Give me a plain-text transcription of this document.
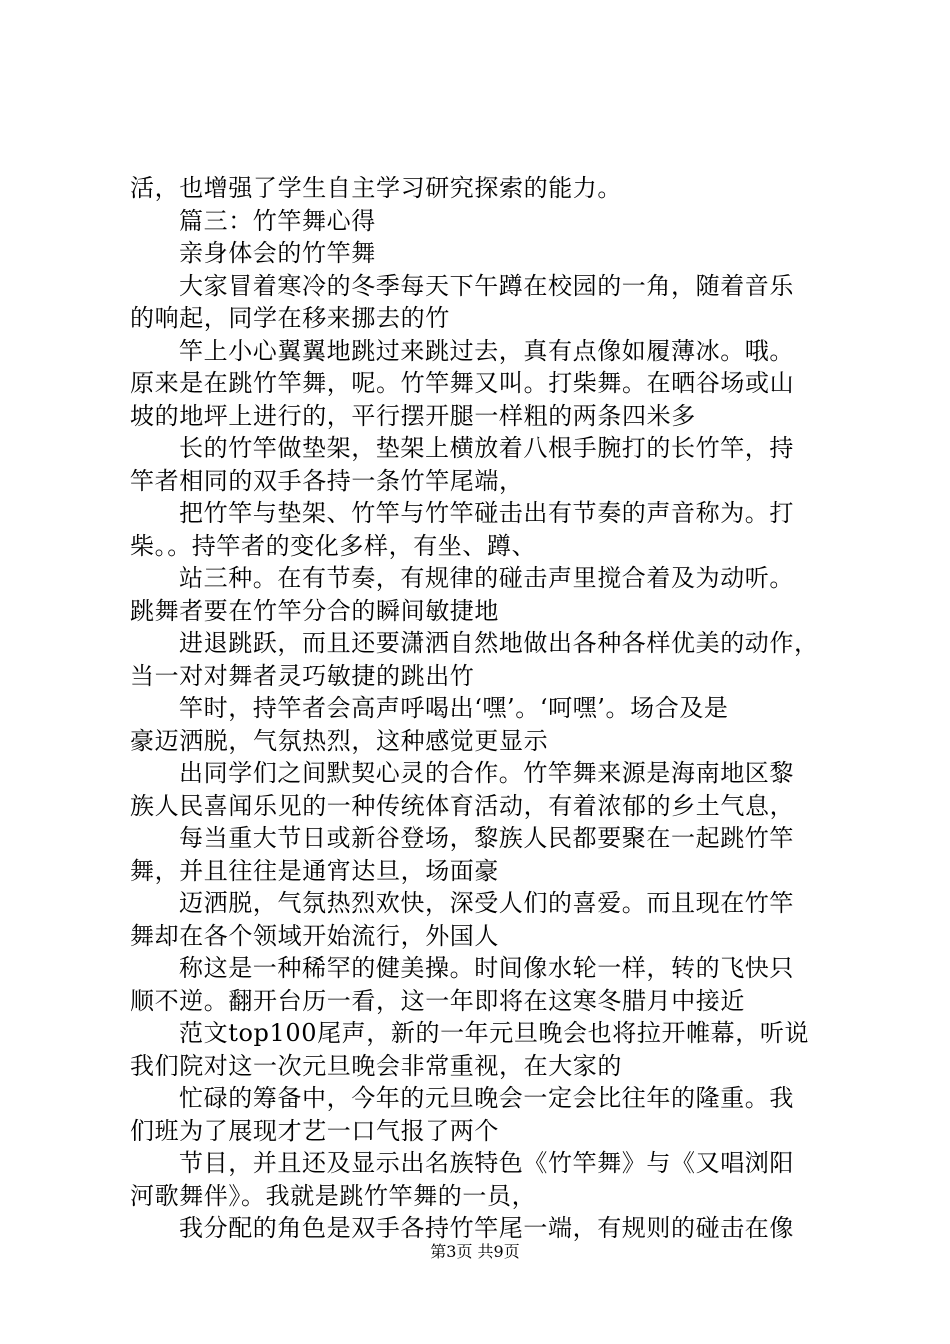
活，也增强了学生自主学习研究探索的能力。
篇三：竹竿舞心得
亲身体会的竹竿舞
大家冒着寒冷的冬季每天下午蹲在校园的一角，随着音乐
的响起，同学在移来挪去的竹
竿上小心翼翼地跳过来跳过去，真有点像如履薄冰。哦。
原来是在跳竹竿舞，呢。竹竿舞又叫。打柴舞。在晒谷场或山
坡的地坪上进行的，平行摆开腿一样粗的两条四米多
长的竹竿做垫架，垫架上横放着八根手腕打的长竹竿，持
竿者相同的双手各持一条竹竿尾端，
把竹竿与垫架、竹竿与竹竿碰击出有节奏的声音称为。打
柴。。持竿者的变化多样，有坐、蹲、
站三种。在有节奏，有规律的碰击声里搅合着及为动听。
跳舞者要在竹竿分合的瞬间敏捷地
进退跳跃，而且还要潇洒自然地做出各种各样优美的动作，
当一对对舞者灵巧敏捷的跳出竹
竿时，持竿者会高声呼喝出‘嘿’。‘呵嘿’。场合及是
豪迈洒脱，气氛热烈，这种感觉更显示
出同学们之间默契心灵的合作。竹竿舞来源是海南地区黎
族人民喜闻乐见的一种传统体育活动，有着浓郁的乡土气息，
每当重大节日或新谷登场，黎族人民都要聚在一起跳竹竿
舞，并且往往是通宵达旦，场面豪
迈洒脱，气氛热烈欢快，深受人们的喜爱。而且现在竹竿
舞却在各个领域开始流行，外国人
称这是一种稀罕的健美操。时间像水轮一样，转的飞快只
顺不逆。翻开台历一看，这一年即将在这寒冬腊月中接近
范文top100尾声，新的一年元旦晚会也将拉开帷幕，听说
我们院对这一次元旦晚会非常重视，在大家的
忙碌的筹备中，今年的元旦晚会一定会比往年的隆重。我
们班为了展现才艺一口气报了两个
节目，并且还及显示出名族特色《竹竿舞》与《又唱浏阳
河歌舞伴》。我就是跳竹竿舞的一员，
我分配的角色是双手各持竹竿尾一端，有规则的碰击在像
第3页 共9页
